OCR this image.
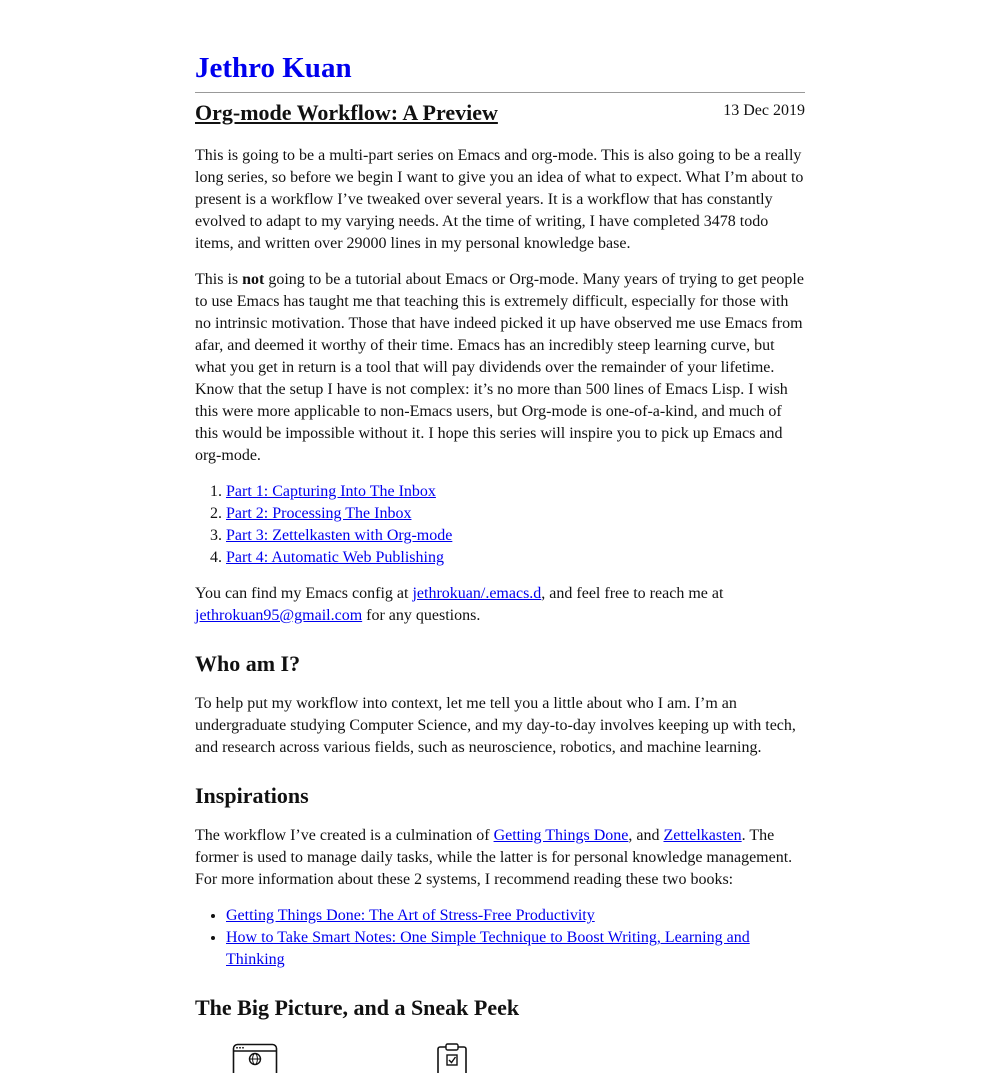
Jethro Kuan
Org-mode Workflow: A Preview	13 Dec 2019

This is going to be a multi-part series on Emacs and org-mode. This is also going to be a really long series, so before we begin I want to give you an idea of what to expect. What I’m about to present is a workflow I’ve tweaked over several years. It is a workflow that has constantly evolved to adapt to my varying needs. At the time of writing, I have completed 3478 todo items, and written over 29000 lines in my personal knowledge base.

This is not going to be a tutorial about Emacs or Org-mode. Many years of trying to get people to use Emacs has taught me that teaching this is extremely difficult, especially for those with no intrinsic motivation. Those that have indeed picked it up have observed me use Emacs from afar, and deemed it worthy of their time. Emacs has an incredibly steep learning curve, but what you get in return is a tool that will pay dividends over the remainder of your lifetime. Know that the setup I have is not complex: it’s no more than 500 lines of Emacs Lisp. I wish this were more applicable to non-Emacs users, but Org-mode is one-of-a-kind, and much of this would be impossible without it. I hope this series will inspire you to pick up Emacs and org-mode.

1. Part 1: Capturing Into The Inbox
2. Part 2: Processing The Inbox
3. Part 3: Zettelkasten with Org-mode
4. Part 4: Automatic Web Publishing

You can find my Emacs config at jethrokuan/.emacs.d, and feel free to reach me at jethrokuan95@gmail.com for any questions.

Who am I?

To help put my workflow into context, let me tell you a little about who I am. I’m an undergraduate studying Computer Science, and my day-to-day involves keeping up with tech, and research across various fields, such as neuroscience, robotics, and machine learning.

Inspirations

The workflow I’ve created is a culmination of Getting Things Done, and Zettelkasten. The former is used to manage daily tasks, while the latter is for personal knowledge management. For more information about these 2 systems, I recommend reading these two books:

• Getting Things Done: The Art of Stress-Free Productivity
• How to Take Smart Notes: One Simple Technique to Boost Writing, Learning and Thinking
The Big Picture, and a Sneak Peek
